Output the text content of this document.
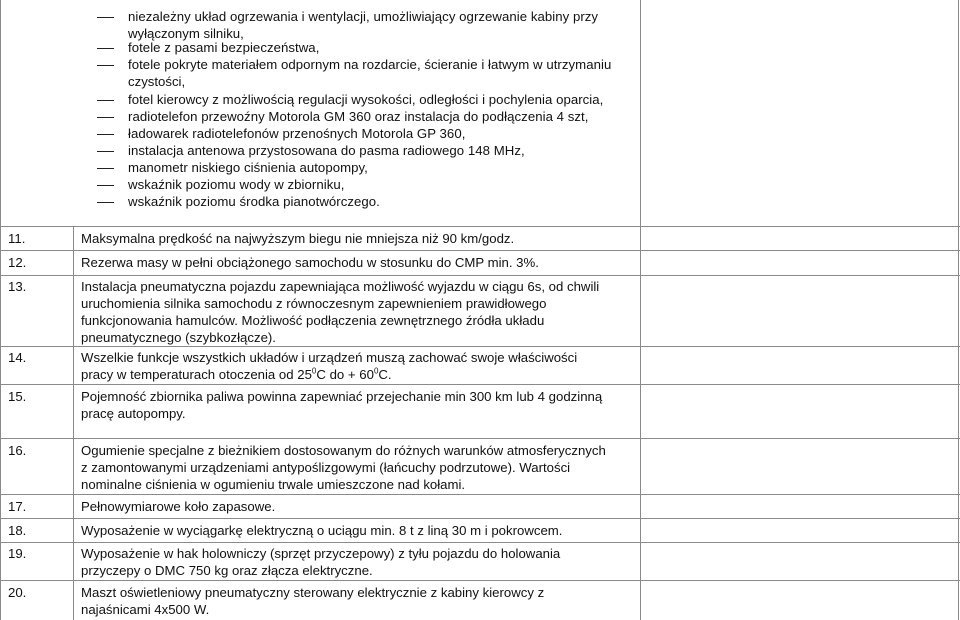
niezależny układ ogrzewania i wentylacji, umożliwiający ogrzewanie kabiny przy
wyłączonym silniku,
fotele z pasami bezpieczeństwa,
fotele pokryte materiałem odpornym na rozdarcie, ścieranie i łatwym w utrzymaniu
czystości,
fotel kierowcy z możliwością regulacji wysokości, odległości i pochylenia oparcia,
radiotelefon przewoźny Motorola GM 360 oraz instalacja do podłączenia 4 szt,
ładowarek radiotelefonów przenośnych Motorola GP 360,
instalacja antenowa przystosowana do pasma radiowego 148 MHz,
manometr niskiego ciśnienia autopompy,
wskaźnik poziomu wody w zbiorniku,
wskaźnik poziomu środka pianotwórczego.
11.	Maksymalna prędkość na najwyższym biegu nie mniejsza niż 90 km/godz.
12.	Rezerwa masy w pełni obciążonego samochodu w stosunku do CMP min. 3%.
13.	Instalacja pneumatyczna pojazdu zapewniająca możliwość wyjazdu w ciągu 6s, od chwili
uruchomienia silnika samochodu z równoczesnym zapewnieniem prawidłowego
funkcjonowania hamulców. Możliwość podłączenia zewnętrznego źródła układu
pneumatycznego (szybkozłącze).
14.	Wszelkie funkcje wszystkich układów i urządzeń muszą zachować swoje właściwości
pracy w temperaturach otoczenia od $25^0C$ do + $60^0C$.
15.	Pojemność zbiornika paliwa powinna zapewniać przejechanie min 300 km lub 4 godzinną
pracę autopompy.
16.	Ogumienie specjalne z bieżnikiem dostosowanym do różnych warunków atmosferycznych
z zamontowanymi urządzeniami antypoślizgowymi (łańcuchy podrzutowe). Wartości
nominalne ciśnienia w ogumieniu trwale umieszczone nad kołami.
17.	Pełnowymiarowe koło zapasowe.
18.	Wyposażenie w wyciągarkę elektryczną o uciągu min. 8 t z liną 30 m i pokrowcem.
19.	Wyposażenie w hak holowniczy (sprzęt przyczepowy) z tyłu pojazdu do holowania
przyczepy o DMC 750 kg oraz złącza elektryczne.
20.	Maszt oświetleniowy pneumatyczny sterowany elektrycznie z kabiny kierowcy z
najaśnicami 4x500 W.
